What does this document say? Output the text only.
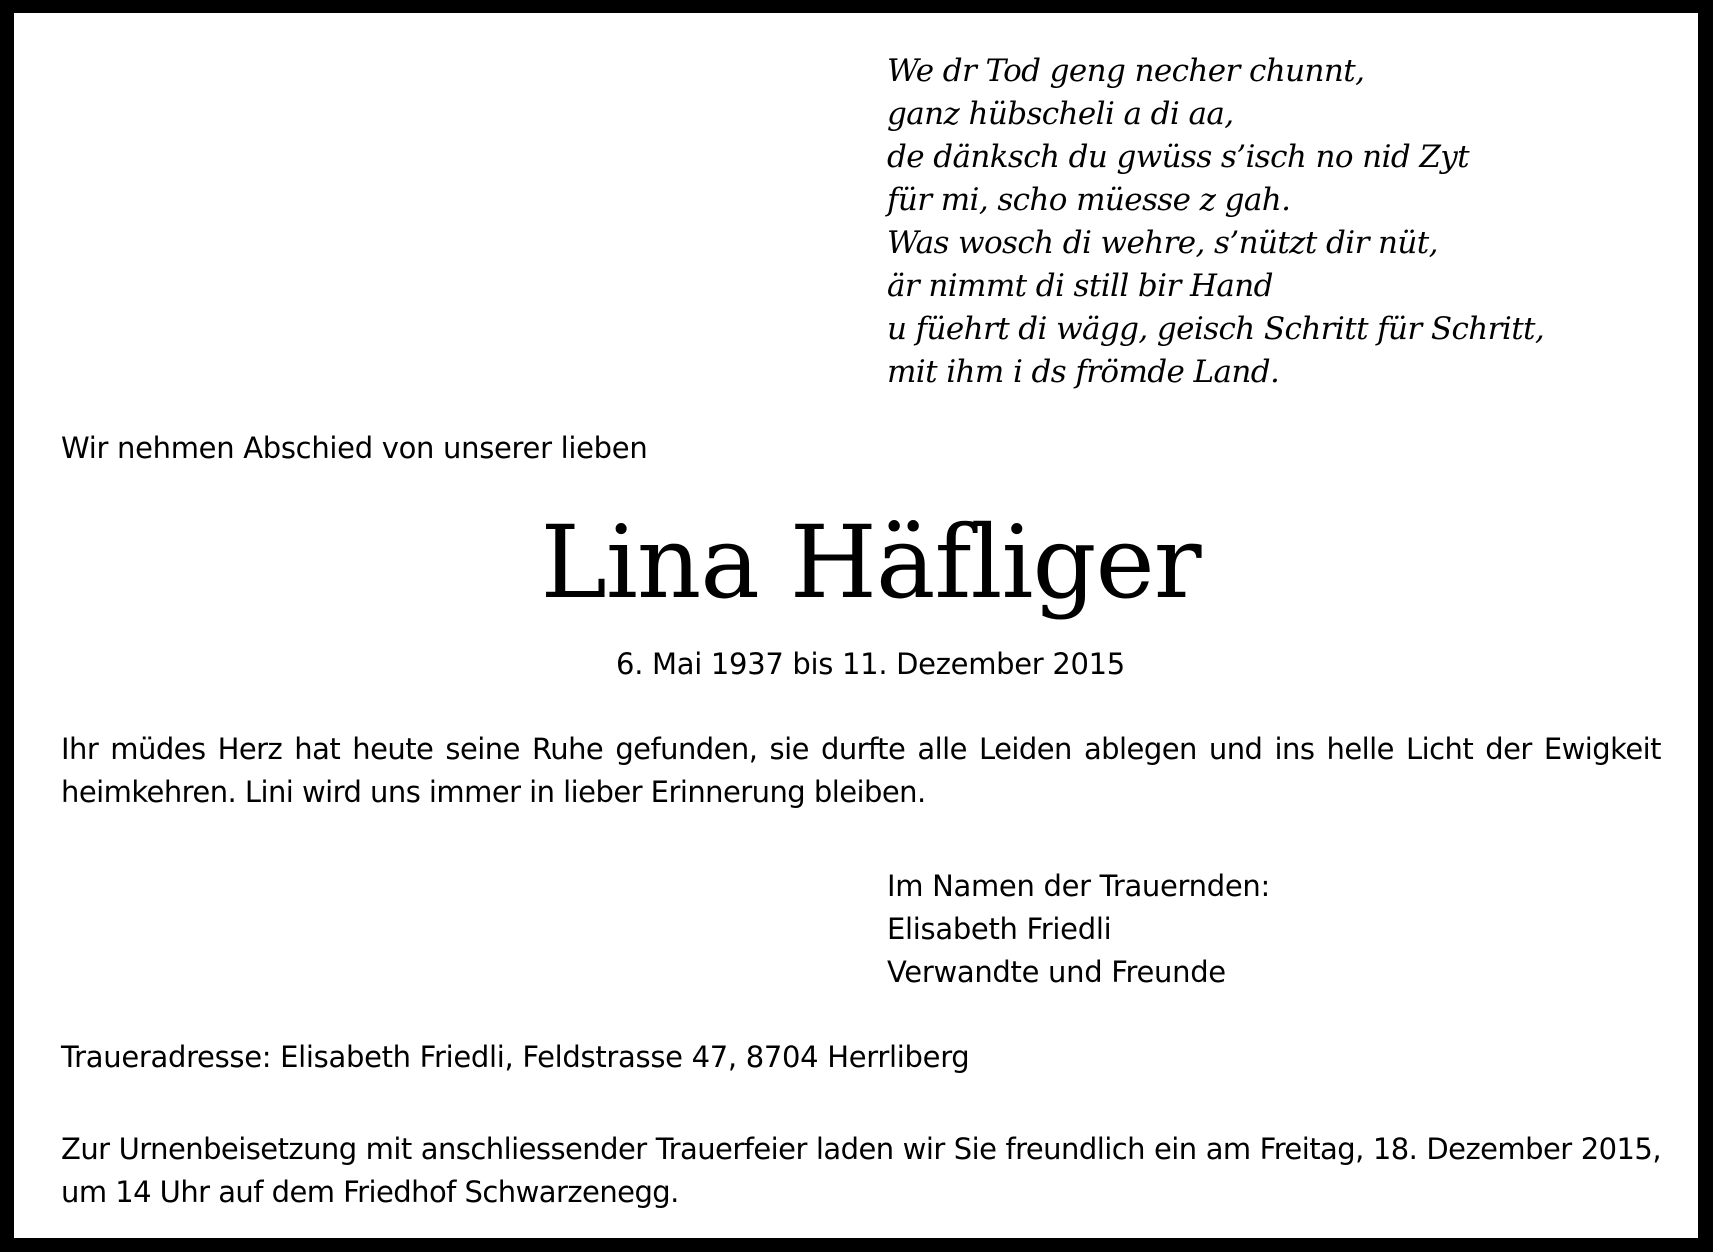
We dr Tod geng necher chunnt,
ganz hübscheli a di aa,
de dänksch du gwüss s’isch no nid Zyt
für mi, scho müesse z gah.
Was wosch di wehre, s’nützt dir nüt,
är nimmt di still bir Hand
u füehrt di wägg, geisch Schritt für Schritt,
mit ihm i ds frömde Land.
Wir nehmen Abschied von unserer lieben
Lina Häfliger
6. Mai 1937 bis 11. Dezember 2015

Ihr müdes Herz hat heute seine Ruhe gefunden, sie durfte alle Leiden ablegen und ins helle Licht der Ewigkeit heimkehren. Lini wird uns immer in lieber Erinnerung bleiben.

Im Namen der Trauernden:
Elisabeth Friedli
Verwandte und Freunde
Traueradresse: Elisabeth Friedli, Feldstrasse 47, 8704 Herrliberg

Zur Urnenbeisetzung mit anschliessender Trauerfeier laden wir Sie freundlich ein am Freitag, 18. Dezember 2015, um 14 Uhr auf dem Friedhof Schwarzenegg.
